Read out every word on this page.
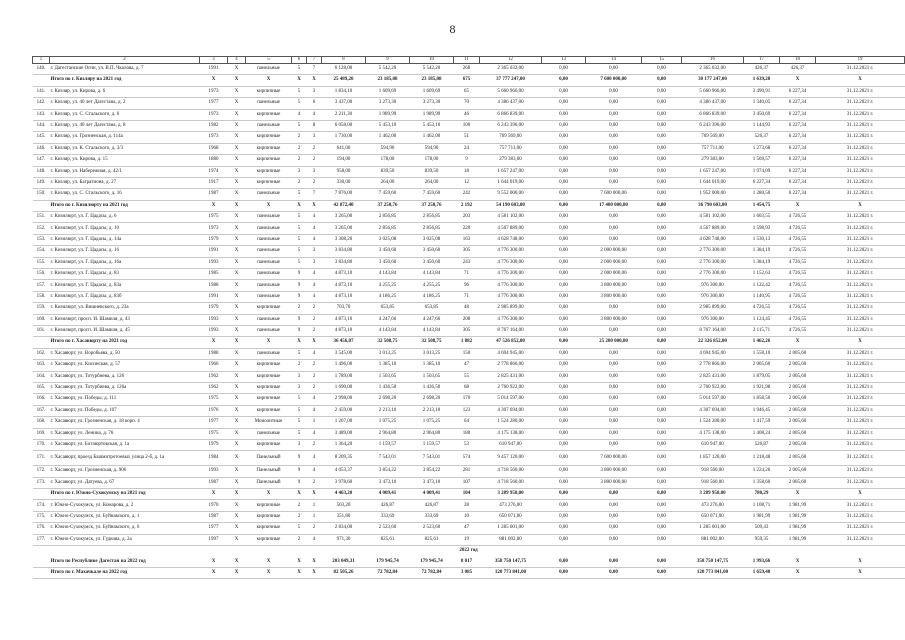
8
1	2	3	4	5	6	7	8	9	10	11	12	13	14	15	16	17	18	19
140.	г. Дагестанские Огни, ул. В.П. Чкалова, д. 7	1991	X	панельные	5	7	6 128,00	5 542,20	5 542,20	268	2 365 032,00	0,00	0,00	0,00	2 365 032,00	426,37	426,37	31.12.2021 г.
	Итого по г. Кизляру на 2021 год	X	X	X	X	X	25 489,20	23 185,08	23 185,08	675	37 777 247,00	0,00	7 600 000,00	0,00	30 177 247,00	1 639,20	X	X
141.	г. Кизляр, ул. Кирова, д. 6	1973	X	кирпичные	5	3	1 834,10	1 609,69	1 609,69	65	5 660 966,00	0,00	0,00	0,00	5 660 966,00	3 490,91	6 227,34	31.12.2021 г.
142.	г. Кизляр, ул. 40 лет Дагестана, д. 2	1977	X	панельные	5	6	3 437,00	3 273,30	3 273,30	70	4 386 437,00	0,00	0,00	0,00	4 386 437,00	1 340,05	6 227,34	31.12.2021 г.
143.	г. Кизляр, ул. С. Стальского, д. 6	1973	X	кирпичные	4	4	2 211,30	1 989,99	1 989,99	46	6 866 839,00	0,00	0,00	0,00	6 866 839,00	3 450,69	6 227,34	31.12.2021 г.
144.	г. Кизляр, ул. 40 лет Дагестана, д. 8	1982	X	панельные	5	8	6 058,00	5 453,10	5 453,10	100	6 243 396,00	0,00	0,00	0,00	6 243 396,00	1 144,93	6 227,34	31.12.2021 г.
145.	г. Кизляр, ул. Грозненская, д. 114а	1973	X	кирпичные	2	3	1 730,00	1 462,00	1 462,00	51	769 569,00	0,00	0,00	0,00	769 569,00	526,37	6 227,34	31.12.2021 г.
146.	г. Кизляр, ул. К. Стальского, д. 3/3	1968	X	кирпичные	2	2	641,00	594,90	594,90	24	757 711,00	0,00	0,00	0,00	757 711,00	1 273,68	6 227,34	31.12.2021 г.
147.	г. Кизляр, ул. Кирова, д. 15	1880	X	кирпичные	2	2	194,00	178,00	178,00	9	279 383,00	0,00	0,00	0,00	279 383,00	1 569,57	6 227,34	31.12.2021 г.
148.	г. Кизляр, ул. Набережная, д. 42/1	1974	X	кирпичные	3	3	958,00	839,50	839,50	18	1 657 247,00	0,00	0,00	0,00	1 657 247,00	1 974,09	6 227,34	31.12.2021 г.
149.	г. Кизляр, ул. Багратиона, д. 27	1917	X	кирпичные	2	2	330,00	264,00	264,00	12	1 644 019,00	0,00	0,00	0,00	1 644 019,00	6 227,34	6 227,34	31.12.2021 г.
150.	г. Кизляр, ул. С. Стальского, д. 16	1987	X	панельные	5	7	7 876,00	7 459,60	7 459,60	242	9 552 000,00	0,00	7 600 000,00	0,00	1 952 000,00	1 280,50	6 227,34	31.12.2021 г.
	Итого по г. Кизилюрту на 2021 год	X	X	X	X	X	42 872,40	37 250,76	37 250,76	2 192	54 190 603,00	0,00	17 400 000,00	0,00	36 790 603,00	1 454,75	X	X
151.	г. Кизилюрт, ул. Г. Цадасы, д. 6	1975	X	панельные	5	4	3 265,00	2 856,85	2 856,85	203	4 581 102,00	0,00	0,00	0,00	4 581 102,00	1 603,55	4 726,55	31.12.2021 г.
152.	г. Кизилюрт, ул. Г. Цадасы, д. 10	1973	X	панельные	5	4	3 265,00	2 856,85	2 856,85	220	4 567 889,00	0,00	0,00	0,00	4 567 889,00	1 598,93	4 726,55	31.12.2021 г.
153.	г. Кизилюрт, ул. Г. Цадасы, д. 14а	1979	X	панельные	5	4	3 308,20	3 025,08	3 025,08	163	4 628 748,00	0,00	0,00	0,00	4 628 748,00	1 530,13	4 726,55	31.12.2021 г.
154.	г. Кизилюрт, ул. Г. Цадасы, д. 16	1991	X	панельные	5	3	3 834,80	3 450,60	3 450,60	305	4 776 300,00	0,00	2 000 000,00	0,00	2 776 300,00	1 384,19	4 726,55	31.12.2021 г.
155.	г. Кизилюрт, ул. Г. Цадасы, д. 16а	1993	X	панельные	5	3	3 834,80	3 450,60	3 450,60	243	4 776 300,00	0,00	2 000 000,00	0,00	2 776 300,00	1 384,19	4 726,55	31.12.2021 г.
156.	г. Кизилюрт, ул. Г. Цадасы, д. 83	1985	X	панельные	9	4	4 873,10	4 143,84	4 143,84	71	4 776 300,00	0,00	2 000 000,00	0,00	2 776 300,00	1 152,63	4 726,55	31.12.2021 г.
157.	г. Кизилюрт, ул. Г. Цадасы, д. 83а	1988	X	панельные	9	4	4 873,10	4 255,25	4 255,25	96	4 776 300,00	0,00	3 800 000,00	0,00	976 300,00	1 122,42	4 726,55	31.12.2021 г.
158.	г. Кизилюрт, ул. Г. Цадасы, д. 83б	1991	X	панельные	9	4	4 873,10	4 186,25	4 186,25	71	4 776 300,00	0,00	3 800 000,00	0,00	976 300,00	1 140,95	4 726,55	31.12.2021 г.
159.	г. Кизилюрт, ул. Вишневского, д. 23а	1979	X	кирпичные	2	2	703,70	653,85	653,85	48	2 985 899,00	0,00	0,00	0,00	2 985 899,00	4 726,55	4 726,55	31.12.2021 г.
160.	г. Кизилюрт, просп. И. Шамиля, д. 43	1993	X	панельные	9	2	4 873,10	4 247,66	4 247,66	208	4 776 300,00	0,00	3 800 000,00	0,00	976 300,00	1 124,45	4 726,55	31.12.2021 г.
161.	г. Кизилюрт, просп. И. Шамиля, д. 45	1993	X	панельные	9	2	4 873,10	4 143,84	4 143,84	305	8 767 164,00	0,00	0,00	0,00	8 767 164,00	2 115,71	4 726,55	31.12.2021 г.
	Итого по г. Хасавюрту на 2021 год	X	X	X	X	X	36 456,07	32 508,75	32 508,75	1 882	47 526 852,00	0,00	25 200 000,00	0,00	22 326 852,00	1 462,26	X	X
162.	г. Хасавюрт, ул. Воробьева, д. 50	1988	X	панельные	5	4	3 545,00	3 013,25	3 013,25	150	4 694 945,00	0,00	0,00	0,00	4 694 945,00	1 558,10	2 005,60	31.12.2021 г.
163.	г. Хасавюрт, ул. Кисинская, д. 57	1966	X	кирпичные	2	2	1 496,00	1 385,10	1 385,10	47	2 778 866,00	0,00	0,00	0,00	2 778 866,00	2 005,60	2 005,60	31.12.2021 г.
164.	г. Хасавюрт, ул. Тотурбиева, д. 126	1962	X	кирпичные	3	2	1 789,00	1 503,65	1 503,65	55	2 825 431,00	0,00	0,00	0,00	2 825 431,00	1 879,05	2 005,60	31.12.2021 г.
165.	г. Хасавюрт, ул. Тотурбиева, д. 126а	1962	X	кирпичные	3	2	1 690,00	1 436,50	1 436,50	68	2 760 922,00	0,00	0,00	0,00	2 760 922,00	1 921,98	2 005,60	31.12.2021 г.
166.	г. Хасавюрт, ул. Победы, д. 111	1975	X	кирпичные	5	4	2 998,00	2 698,20	2 698,20	170	5 014 597,00	0,00	0,00	0,00	5 014 597,00	1 858,50	2 005,60	31.12.2021 г.
167.	г. Хасавюрт, ул. Победы, д. 107	1976	X	кирпичные	5	4	2 459,00	2 213,10	2 213,10	123	4 307 694,00	0,00	0,00	0,00	4 307 694,00	1 946,45	2 005,60	31.12.2021 г.
168.	г. Хасавюрт, ул. Грозненская, д. 18 корп. 4	1977	X	Монолитные	5	1	1 267,00	1 075,25	1 075,25	64	1 524 280,00	0,00	0,00	0,00	1 524 280,00	1 417,59	2 005,60	31.12.2021 г.
169.	г. Хасавюрт, ул. Ленина, д. 76	1975	X	панельные	5	4	3 489,00	2 964,80	2 964,80	180	4 175 138,00	0,00	0,00	0,00	4 175 138,00	1 408,24	2 005,60	31.12.2021 г.
170.	г. Хасавюрт, ул. Ботаюртовская, д. 1а	1979	X	кирпичные	3	2	1 364,20	1 159,57	1 159,57	53	610 947,00	0,00	0,00	0,00	610 947,00	526,87	2 005,60	31.12.2021 г.
171.	г. Хасавюрт, проезд Башмитротоевых улица 2-б, д. 1а	1984	X	Панельный	9	4	8 209,35	7 543,01	7 543,01	574	9 457 120,00	0,00	7 600 000,00	0,00	1 857 120,00	1 218,48	2 005,60	31.12.2021 г.
172.	г. Хасавюрт, ул. Грозненская, д. 906	1993	X	Панельный	9	4	4 053,37	3 854,22	3 854,22	281	4 718 560,00	0,00	3 800 000,00	0,00	918 560,00	1 224,26	2 005,60	31.12.2021 г.
173.	г. Хасавюрт, ул. Датуева, д. 67	1987	X	Панельный	9	2	3 978,60	3 473,10	3 473,10	107	4 718 560,00	0,00	3 800 000,00	0,00	918 560,00	1 358,60	2 005,60	31.12.2021 г.
	Итого по г. Южно-Сухокумску на 2021 год	X	X	X	X	X	4 463,20	4 009,41	4 009,41	104	3 289 950,00	0,00	0,00	0,00	3 289 950,00	780,29	X	X
174.	г. Южно-Сухокумск, ул. Комарова, д. 2	1970	X	кирпичные	2	1	503,20	426,87	426,87	28	473 276,00	0,00	0,00	0,00	473 276,00	1 108,71	1 981,99	31.12.2021 г.
175.	г. Южно-Сухокумск, ул. Буйнакского, д. 1	1987	X	кирпичные	2	1	351,80	333,69	333,69	10	650 071,00	0,00	0,00	0,00	650 071,00	1 981,99	1 981,99	31.12.2021 г.
176.	г. Южно-Сухокумск, ул. Буйнакского, д. 6	1977	X	кирпичные	5	2	2 834,00	2 523,60	2 523,60	47	1 285 601,00	0,00	0,00	0,00	1 285 601,00	509,43	1 981,99	31.12.2021 г.
177.	г. Южно-Сухокумск, ул. Гудкова, д. 2а	1997	X	кирпичные	2	4	971,30	825,61	825,61	19	881 002,00	0,00	0,00	0,00	881 002,00	959,35	1 981,99	31.12.2021 г.
2022 год																		
	Итого по Республике Дагестан на 2022 год	X	X	X	X	X	203 049,31	179 945,74	179 945,74	8 017	358 750 147,75	0,00	0,00	0,00	358 750 147,75	1 993,66	X	X
	Итого по г. Махачкале на 2022 год	X	X	X	X	X	82 505,26	72 782,84	72 782,84	3 085	120 773 841,00	0,00	0,00	0,00	120 773 841,00	1 659,40	X	X
